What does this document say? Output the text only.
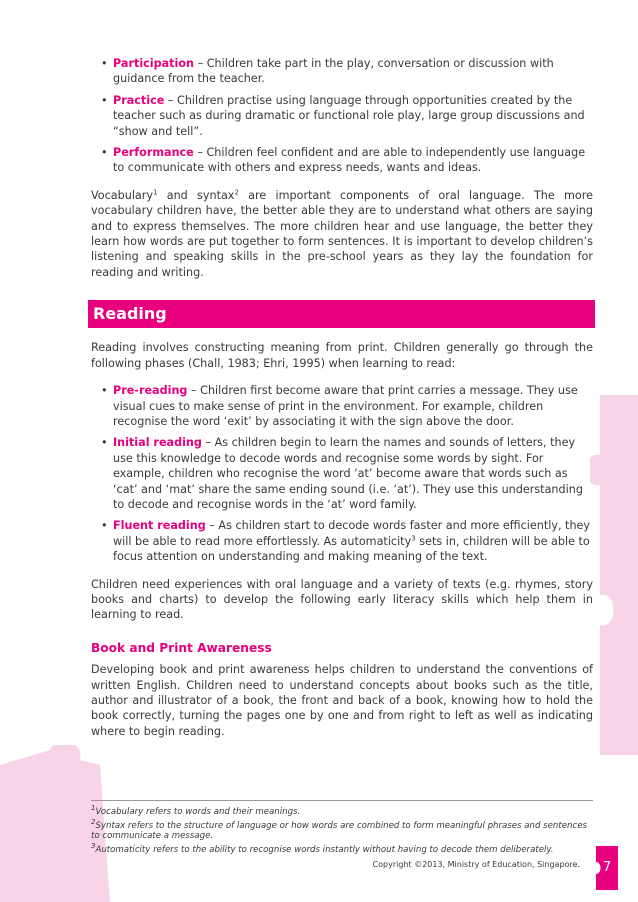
• Participation – Children take part in the play, conversation or discussion with guidance from the teacher.
• Practice – Children practise using language through opportunities created by the teacher such as during dramatic or functional role play, large group discussions and “show and tell”.
• Performance – Children feel confident and are able to independently use language to communicate with others and express needs, wants and ideas.

Vocabulary$^1$ and syntax$^2$ are important components of oral language. The more vocabulary children have, the better able they are to understand what others are saying and to express themselves. The more children hear and use language, the better they learn how words are put together to form sentences. It is important to develop children’s listening and speaking skills in the pre-school years as they lay the foundation for reading and writing.

Reading

Reading involves constructing meaning from print. Children generally go through the following phases (Chall, 1983; Ehri, 1995) when learning to read:

• Pre-reading – Children first become aware that print carries a message. They use visual cues to make sense of print in the environment. For example, children recognise the word ‘exit’ by associating it with the sign above the door.
• Initial reading – As children begin to learn the names and sounds of letters, they use this knowledge to decode words and recognise some words by sight. For example, children who recognise the word ‘at’ become aware that words such as ‘cat’ and ‘mat’ share the same ending sound (i.e. ‘at’). They use this understanding to decode and recognise words in the ‘at’ word family.
• Fluent reading – As children start to decode words faster and more efficiently, they will be able to read more effortlessly. As automaticity$^3$ sets in, children will be able to focus attention on understanding and making meaning of the text.

Children need experiences with oral language and a variety of texts (e.g. rhymes, story books and charts) to develop the following early literacy skills which help them in learning to read.

Book and Print Awareness

Developing book and print awareness helps children to understand the conventions of written English. Children need to understand concepts about books such as the title, author and illustrator of a book, the front and back of a book, knowing how to hold the book correctly, turning the pages one by one and from right to left as well as indicating where to begin reading.

$^1$Vocabulary refers to words and their meanings.
$^2$Syntax refers to the structure of language or how words are combined to form meaningful phrases and sentences to communicate a message.
$^3$Automaticity refers to the ability to recognise words instantly without having to decode them deliberately.
Copyright ©2013, Ministry of Education, Singapore.	7
